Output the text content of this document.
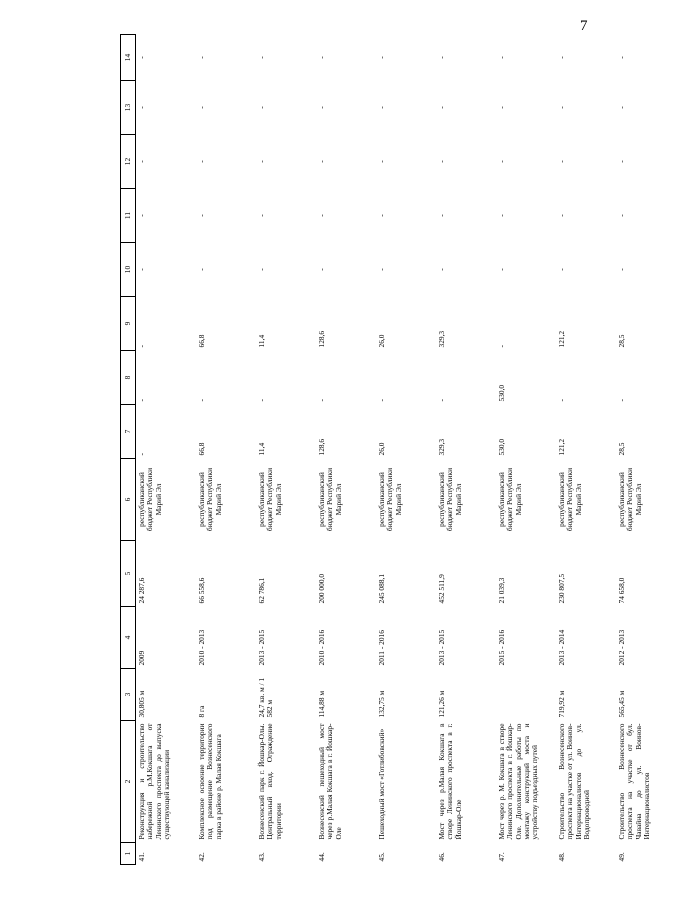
7
1	2	3	4	5	6	7	8	9	10	11	12	13	14
41.	Реконструкция и строительство набережной р.М.Кокшага от Ленинского проспекта до выпуска существующей канализации	30,805 м	2009	24 287,6	республиканский бюджет Республики Марий Эл	-	-	-	-	-	-	-	-
42.	Комплексное освоение территории под размещение Вознесенского парка в районе р. Малая Кокшага	8 га	2010 - 2013	66 558,6	республиканский бюджет Республики Марий Эл	66,8	-	66,8	-	-	-	-	-
43.	Вознесенский парк г. Йошкар-Олы. Центральный вход. Ограждение территории	24,7 кв. м / 1 582 м	2013 - 2015	62 786,1	республиканский бюджет Республики Марий Эл	11,4	-	11,4	-	-	-	-	-
44.	Вознесенский пешеходный мост через р.Малая Кокшага в г. Йошкар-Оле	114,88 м	2010 - 2016	200 000,0	республиканский бюджет Республики Марий Эл	128,6	-	128,6	-	-	-	-	-
45.	Пешеходный мост «Готлибовский»	132,75 м	2011 - 2016	245 088,1	республиканский бюджет Республики Марий Эл	26,0	-	26,0	-	-	-	-	-
46.	Мост через р.Малая Кокшага в створе Ленинского проспекта в г. Йошкар-Оле	121,26 м	2013 - 2015	452 511,9	республиканский бюджет Республики Марий Эл	329,3	-	329,3	-	-	-	-	-
47.	Мост через р. М. Кокшага в створе Ленинского проспекта в г. Йошкар-Оле. Дополнительные работы по монтажу конструкций моста и устройству подъездных путей		2015 - 2016	21 039,3	республиканский бюджет Республики Марий Эл	530,0	530,0	-	-	-	-	-	-
48.	Строительство Вознесенского проспекта на участке от ул. Воинов-Интернационалистов до ул. Водопроводной	719,92 м	2013 - 2014	230 807,5	республиканский бюджет Республики Марий Эл	121,2	-	121,2	-	-	-	-	-
49.	Строительство Вознесенского проспекта на участке от бул. Чавайна до ул. Воинов-Интернационалистов	565,45 м	2012 - 2013	74 658,0	республиканский бюджет Республики Марий Эл	28,5	-	28,5	-	-	-	-	-
